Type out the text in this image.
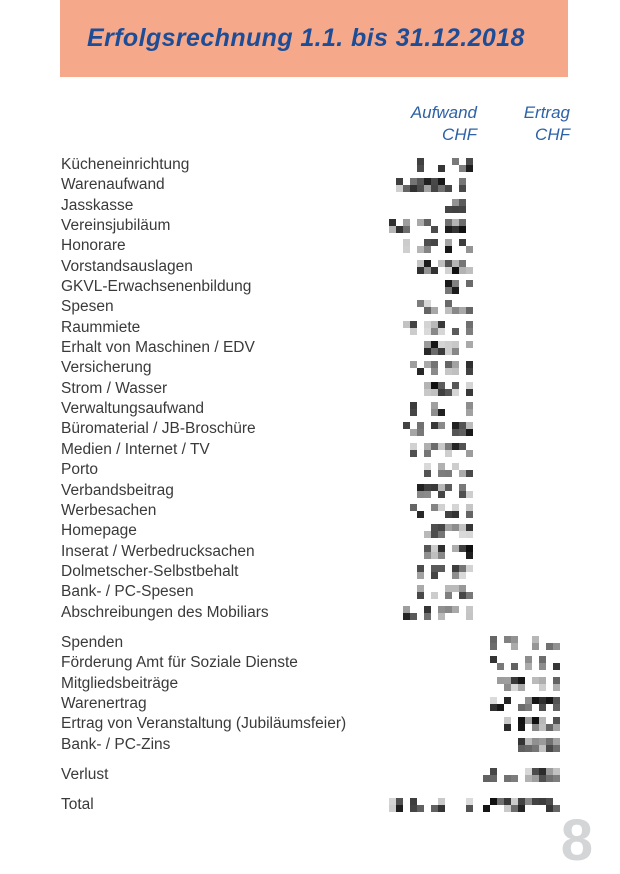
Erfolgsrechnung 1.1. bis 31.12.2018
Aufwand
CHF
Ertrag
CHF
Kücheneinrichtung
Warenaufwand
Jasskasse
Vereinsjubiläum
Honorare
Vorstandsauslagen
GKVL-Erwachsenenbildung
Spesen
Raummiete
Erhalt von Maschinen / EDV
Versicherung
Strom / Wasser
Verwaltungsaufwand
Büromaterial / JB-Broschüre
Medien / Internet / TV
Porto
Verbandsbeitrag
Werbesachen
Homepage
Inserat / Werbedrucksachen
Dolmetscher-Selbstbehalt
Bank- / PC-Spesen
Abschreibungen des Mobiliars
Spenden
Förderung Amt für Soziale Dienste
Mitgliedsbeiträge
Warenertrag
Ertrag von Veranstaltung (Jubiläumsfeier)
Bank- / PC-Zins
Verlust
Total
8
